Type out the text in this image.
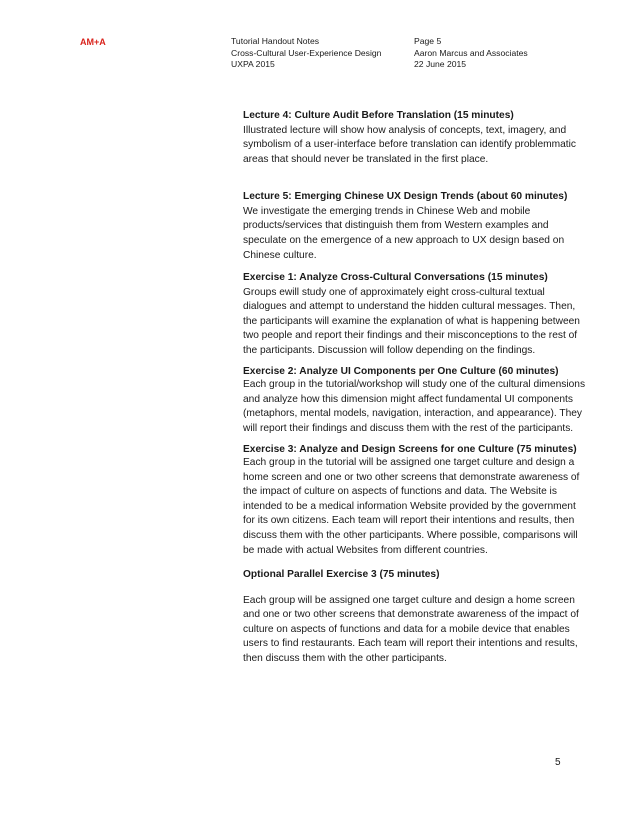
AM+A	Tutorial Handout Notes
Cross-Cultural User-Experience Design
UXPA 2015
Page 5
Aaron Marcus and Associates
22 June 2015
Lecture 4: Culture Audit Before Translation (15 minutes)
Illustrated lecture will show how analysis of concepts, text, imagery, and symbolism of a user-interface before translation can identify problemmatic areas that should never be translated in the first place.
Lecture 5: Emerging Chinese UX Design Trends (about 60 minutes)
We investigate the emerging trends in Chinese Web and mobile products/services that distinguish them from Western examples and speculate on the emergence of a new approach to UX design based on Chinese culture.
Exercise 1: Analyze Cross-Cultural Conversations (15 minutes)
Groups ewill study one of approximately eight cross-cultural textual dialogues and attempt to understand the hidden cultural messages. Then, the participants will examine the explanation of what is happening between two people and report their findings and their misconceptions to the rest of the participants. Discussion will follow depending on the findings.
Exercise 2: Analyze UI Components per One Culture (60 minutes)
Each group in the tutorial/workshop will study one of the cultural dimensions and analyze how this dimension might affect fundamental UI components (metaphors, mental models, navigation, interaction, and appearance). They will report their findings and discuss them with the rest of the participants.
Exercise 3: Analyze and Design Screens for one Culture (75 minutes)
Each group in the tutorial will be assigned one target culture and design a home screen and one or two other screens that demonstrate awareness of the impact of culture on aspects of functions and data. The Website is intended to be a medical information Website provided by the government for its own citizens. Each team will report their intentions and results, then discuss them with the other participants. Where possible, comparisons will be made with actual Websites from different countries.
Optional Parallel Exercise 3 (75 minutes)
Each group will be assigned one target culture and design a home screen and one or two other screens that demonstrate awareness of the impact of culture on aspects of functions and data for a mobile device that enables users to find restaurants. Each team will report their intentions and results, then discuss them with the other participants.
5
